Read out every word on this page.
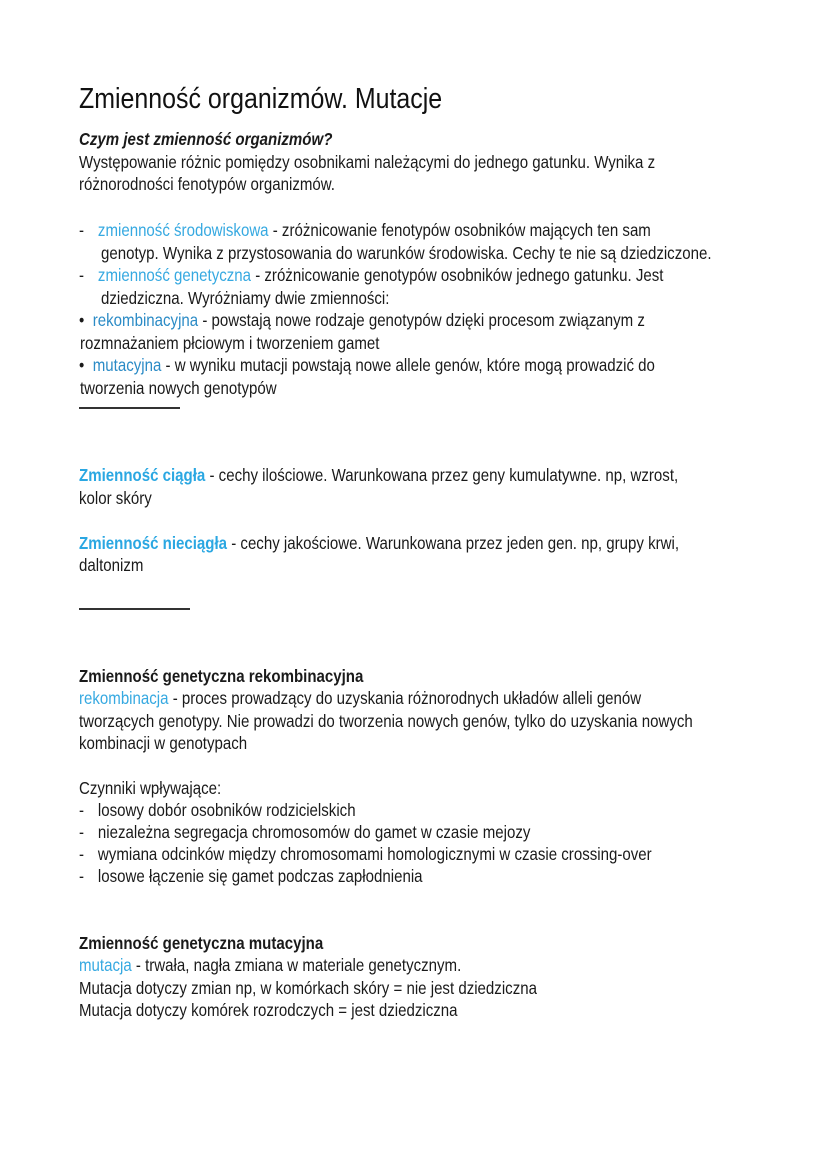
Zmienność organizmów. Mutacje
Czym jest zmienność organizmów?
Występowanie różnic pomiędzy osobnikami należącymi do jednego gatunku. Wynika z
różnorodności fenotypów organizmów.
- zmienność środowiskowa - zróżnicowanie fenotypów osobników mających ten sam
genotyp. Wynika z przystosowania do warunków środowiska. Cechy te nie są dziedziczone.
- zmienność genetyczna - zróżnicowanie genotypów osobników jednego gatunku. Jest
dziedziczna. Wyróżniamy dwie zmienności:
• rekombinacyjna - powstają nowe rodzaje genotypów dzięki procesom związanym z
rozmnażaniem płciowym i tworzeniem gamet
• mutacyjna - w wyniku mutacji powstają nowe allele genów, które mogą prowadzić do
tworzenia nowych genotypów
Zmienność ciągła - cechy ilościowe. Warunkowana przez geny kumulatywne. np, wzrost,
kolor skóry
Zmienność nieciągła - cechy jakościowe. Warunkowana przez jeden gen. np, grupy krwi,
daltonizm
Zmienność genetyczna rekombinacyjna
rekombinacja - proces prowadzący do uzyskania różnorodnych układów alleli genów
tworzących genotypy. Nie prowadzi do tworzenia nowych genów, tylko do uzyskania nowych
kombinacji w genotypach
Czynniki wpływające:
- losowy dobór osobników rodzicielskich
- niezależna segregacja chromosomów do gamet w czasie mejozy
- wymiana odcinków między chromosomami homologicznymi w czasie crossing-over
- losowe łączenie się gamet podczas zapłodnienia
Zmienność genetyczna mutacyjna
mutacja - trwała, nagła zmiana w materiale genetycznym.
Mutacja dotyczy zmian np, w komórkach skóry = nie jest dziedziczna
Mutacja dotyczy komórek rozrodczych = jest dziedziczna
